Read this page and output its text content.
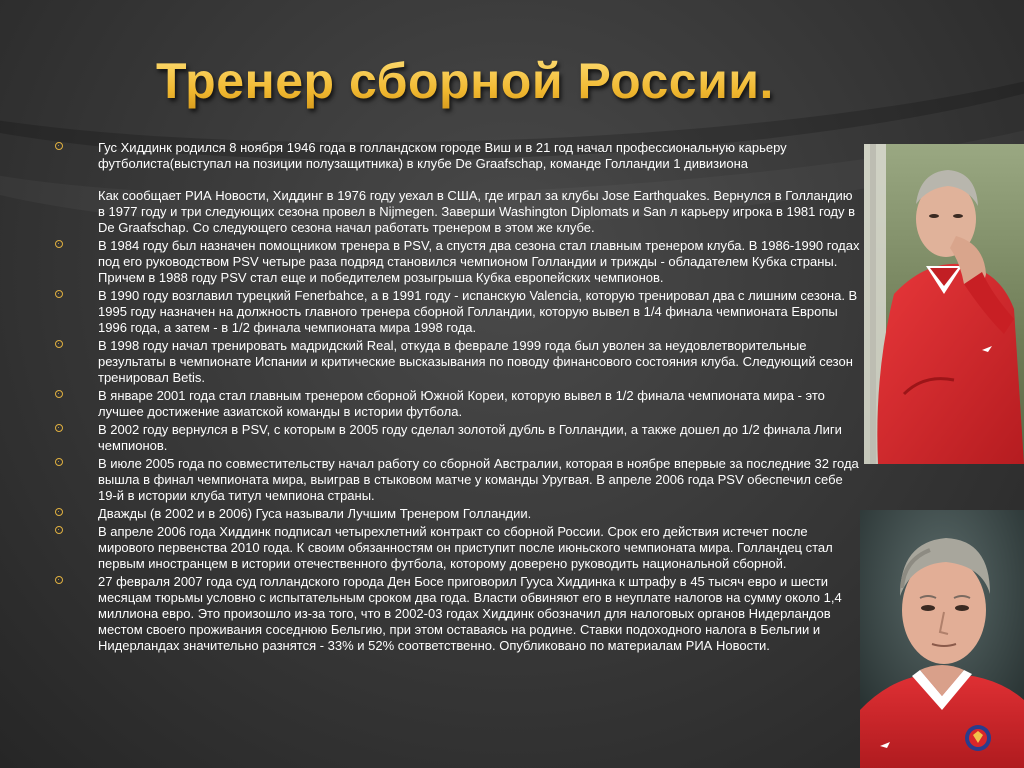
Тренер сборной России.
Гус Хиддинк родился 8 ноября 1946 года в голландском городе Виш и в 21 год начал профессиональную карьеру футболиста(выступал на позиции полузащитника) в клубе De Graafschap, команде Голландии 1 дивизиона
Как сообщает РИА Новости, Хиддинг в 1976 году уехал в США, где играл за клубы Jose Earthquakes. Вернулся в Голландию в 1977 году и три следующих сезона провел в Nijmegen. Заверши Washington Diplomats и San л карьеру игрока в 1981 году в De Graafschap. Со следующего сезона начал работать тренером в этом же клубе.
В 1984 году был назначен помощником тренера в PSV, а спустя два сезона стал главным тренером клуба. В 1986-1990 годах под его руководством PSV четыре раза подряд становился чемпионом Голландии и трижды - обладателем Кубка страны. Причем в 1988 году PSV стал еще и победителем розыгрыша Кубка европейских чемпионов.
В 1990 году возглавил турецкий Fenerbahce, а в 1991 году - испанскую Valencia, которую тренировал два с лишним сезона. В 1995 году назначен на должность главного тренера сборной Голландии, которую вывел в 1/4 финала чемпионата Европы 1996 года, а затем - в 1/2 финала чемпионата мира 1998 года.
В 1998 году начал тренировать мадридский Real, откуда в феврале 1999 года был уволен за неудовлетворительные результаты в чемпионате Испании и критические высказывания по поводу финансового состояния клуба. Следующий сезон тренировал Betis.
В январе 2001 года стал главным тренером сборной Южной Кореи, которую вывел в 1/2 финала чемпионата мира - это лучшее достижение азиатской команды в истории футбола.
В 2002 году вернулся в PSV, с которым в 2005 году сделал золотой дубль в Голландии, а также дошел до 1/2 финала Лиги чемпионов.
В июле 2005 года по совместительству начал работу со сборной Австралии, которая в ноябре впервые за последние 32 года вышла в финал чемпионата мира, выиграв в стыковом матче у команды Уругвая. В апреле 2006 года PSV обеспечил себе 19-й в истории клуба титул чемпиона страны.
Дважды (в 2002 и в 2006) Гуса называли Лучшим Тренером Голландии.
В апреле 2006 года Хиддинк подписал четырехлетний контракт со сборной России. Срок его действия истечет после мирового первенства 2010 года. К своим обязанностям он приступит после июньского чемпионата мира. Голландец стал первым иностранцем в истории отечественного футбола, которому доверено руководить национальной сборной.
27 февраля 2007 года суд голландского города Ден Босе приговорил Гууса Хиддинка к штрафу в 45 тысяч евро и шести месяцам тюрьмы условно с испытательным сроком два года. Власти обвиняют его в неуплате налогов на сумму около 1,4 миллиона евро. Это произошло из-за того, что в 2002-03 годах Хиддинк обозначил для налоговых органов Нидерландов местом своего проживания соседнюю Бельгию, при этом оставаясь на родине. Ставки подоходного налога в Бельгии и Нидерландах значительно разнятся - 33% и 52% соответственно. Опубликовано по материалам РИА Новости.
